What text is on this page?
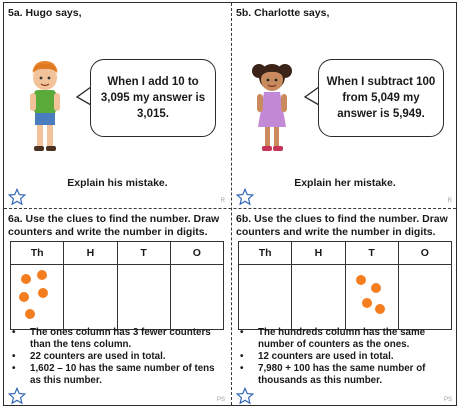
5a. Hugo says,
When I add 10 to 3,095 my answer is 3,015.
Explain his mistake.
R
5b. Charlotte says,
When I subtract 100 from 5,049 my answer is 5,949.
Explain her mistake.
R
6a. Use the clues to find the number. Draw counters and write the number in digits.
Th	H	T	O

• The ones column has 3 fewer counters than the tens column.
• 22 counters are used in total.
• 1,602 – 10 has the same number of tens as this number.
PS
6b. Use the clues to find the number. Draw counters and write the number in digits.
Th	H	T	O

• The hundreds column has the same number of counters as the ones.
• 12 counters are used in total.
• 7,980 + 100 has the same number of thousands as this number.
PS
